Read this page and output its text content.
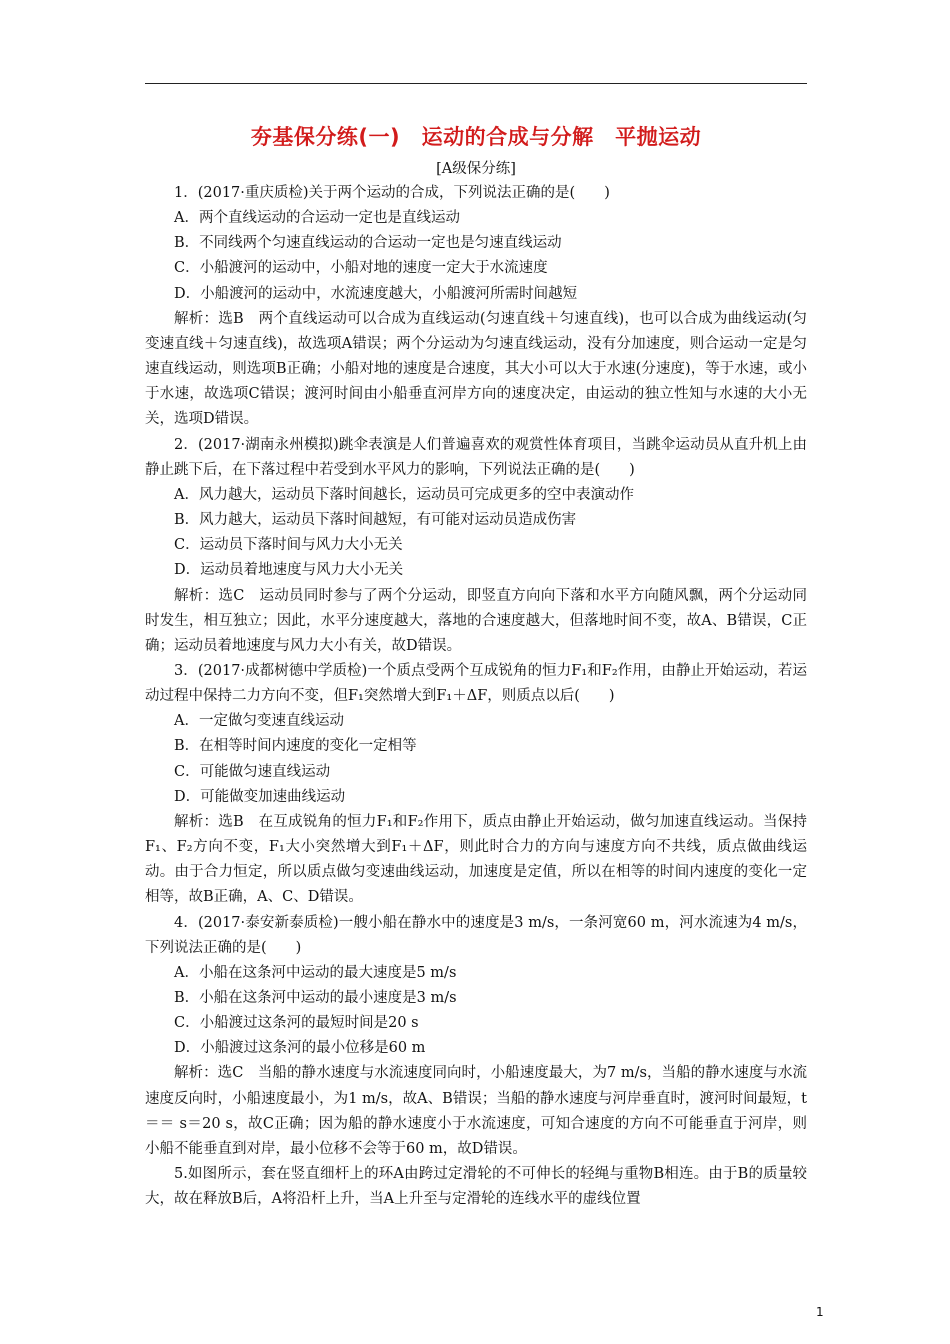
夯基保分练(一)　运动的合成与分解　平抛运动
[A级保分练]

1．(2017·重庆质检)关于两个运动的合成，下列说法正确的是(　　)

A．两个直线运动的合运动一定也是直线运动

B．不同线两个匀速直线运动的合运动一定也是匀速直线运动

C．小船渡河的运动中，小船对地的速度一定大于水流速度

D．小船渡河的运动中，水流速度越大，小船渡河所需时间越短

解析：选B　两个直线运动可以合成为直线运动(匀速直线＋匀速直线)，也可以合成为曲线运动(匀变速直线＋匀速直线)，故选项A错误；两个分运动为匀速直线运动，没有分加速度，则合运动一定是匀速直线运动，则选项B正确；小船对地的速度是合速度，其大小可以大于水速(分速度)，等于水速，或小于水速，故选项C错误；渡河时间由小船垂直河岸方向的速度决定，由运动的独立性知与水速的大小无关，选项D错误。

2．(2017·湖南永州模拟)跳伞表演是人们普遍喜欢的观赏性体育项目，当跳伞运动员从直升机上由静止跳下后，在下落过程中若受到水平风力的影响，下列说法正确的是(　　)

A．风力越大，运动员下落时间越长，运动员可完成更多的空中表演动作

B．风力越大，运动员下落时间越短，有可能对运动员造成伤害

C．运动员下落时间与风力大小无关

D．运动员着地速度与风力大小无关

解析：选C　运动员同时参与了两个分运动，即竖直方向向下落和水平方向随风飘，两个分运动同时发生，相互独立；因此，水平分速度越大，落地的合速度越大，但落地时间不变，故A、B错误，C正确；运动员着地速度与风力大小有关，故D错误。

3．(2017·成都树德中学质检)一个质点受两个互成锐角的恒力F₁和F₂作用，由静止开始运动，若运动过程中保持二力方向不变，但F₁突然增大到F₁＋ΔF，则质点以后(　　)

A．一定做匀变速直线运动

B．在相等时间内速度的变化一定相等

C．可能做匀速直线运动

D．可能做变加速曲线运动

解析：选B　在互成锐角的恒力F₁和F₂作用下，质点由静止开始运动，做匀加速直线运动。当保持F₁、F₂方向不变，F₁大小突然增大到F₁＋ΔF，则此时合力的方向与速度方向不共线，质点做曲线运动。由于合力恒定，所以质点做匀变速曲线运动，加速度是定值，所以在相等的时间内速度的变化一定相等，故B正确，A、C、D错误。

4．(2017·泰安新泰质检)一艘小船在静水中的速度是3 m/s，一条河宽60 m，河水流速为4 m/s，下列说法正确的是(　　)

A．小船在这条河中运动的最大速度是5 m/s

B．小船在这条河中运动的最小速度是3 m/s

C．小船渡过这条河的最短时间是20 s

D．小船渡过这条河的最小位移是60 m

解析：选C　当船的静水速度与水流速度同向时，小船速度最大，为7 m/s，当船的静水速度与水流速度反向时，小船速度最小，为1 m/s，故A、B错误；当船的静水速度与河岸垂直时，渡河时间最短，t＝＝ s＝20 s，故C正确；因为船的静水速度小于水流速度，可知合速度的方向不可能垂直于河岸，则小船不能垂直到对岸，最小位移不会等于60 m，故D错误。

5.如图所示，套在竖直细杆上的环A由跨过定滑轮的不可伸长的轻绳与重物B相连。由于B的质量较大，故在释放B后，A将沿杆上升，当A上升至与定滑轮的连线水平的虚线位置

1
